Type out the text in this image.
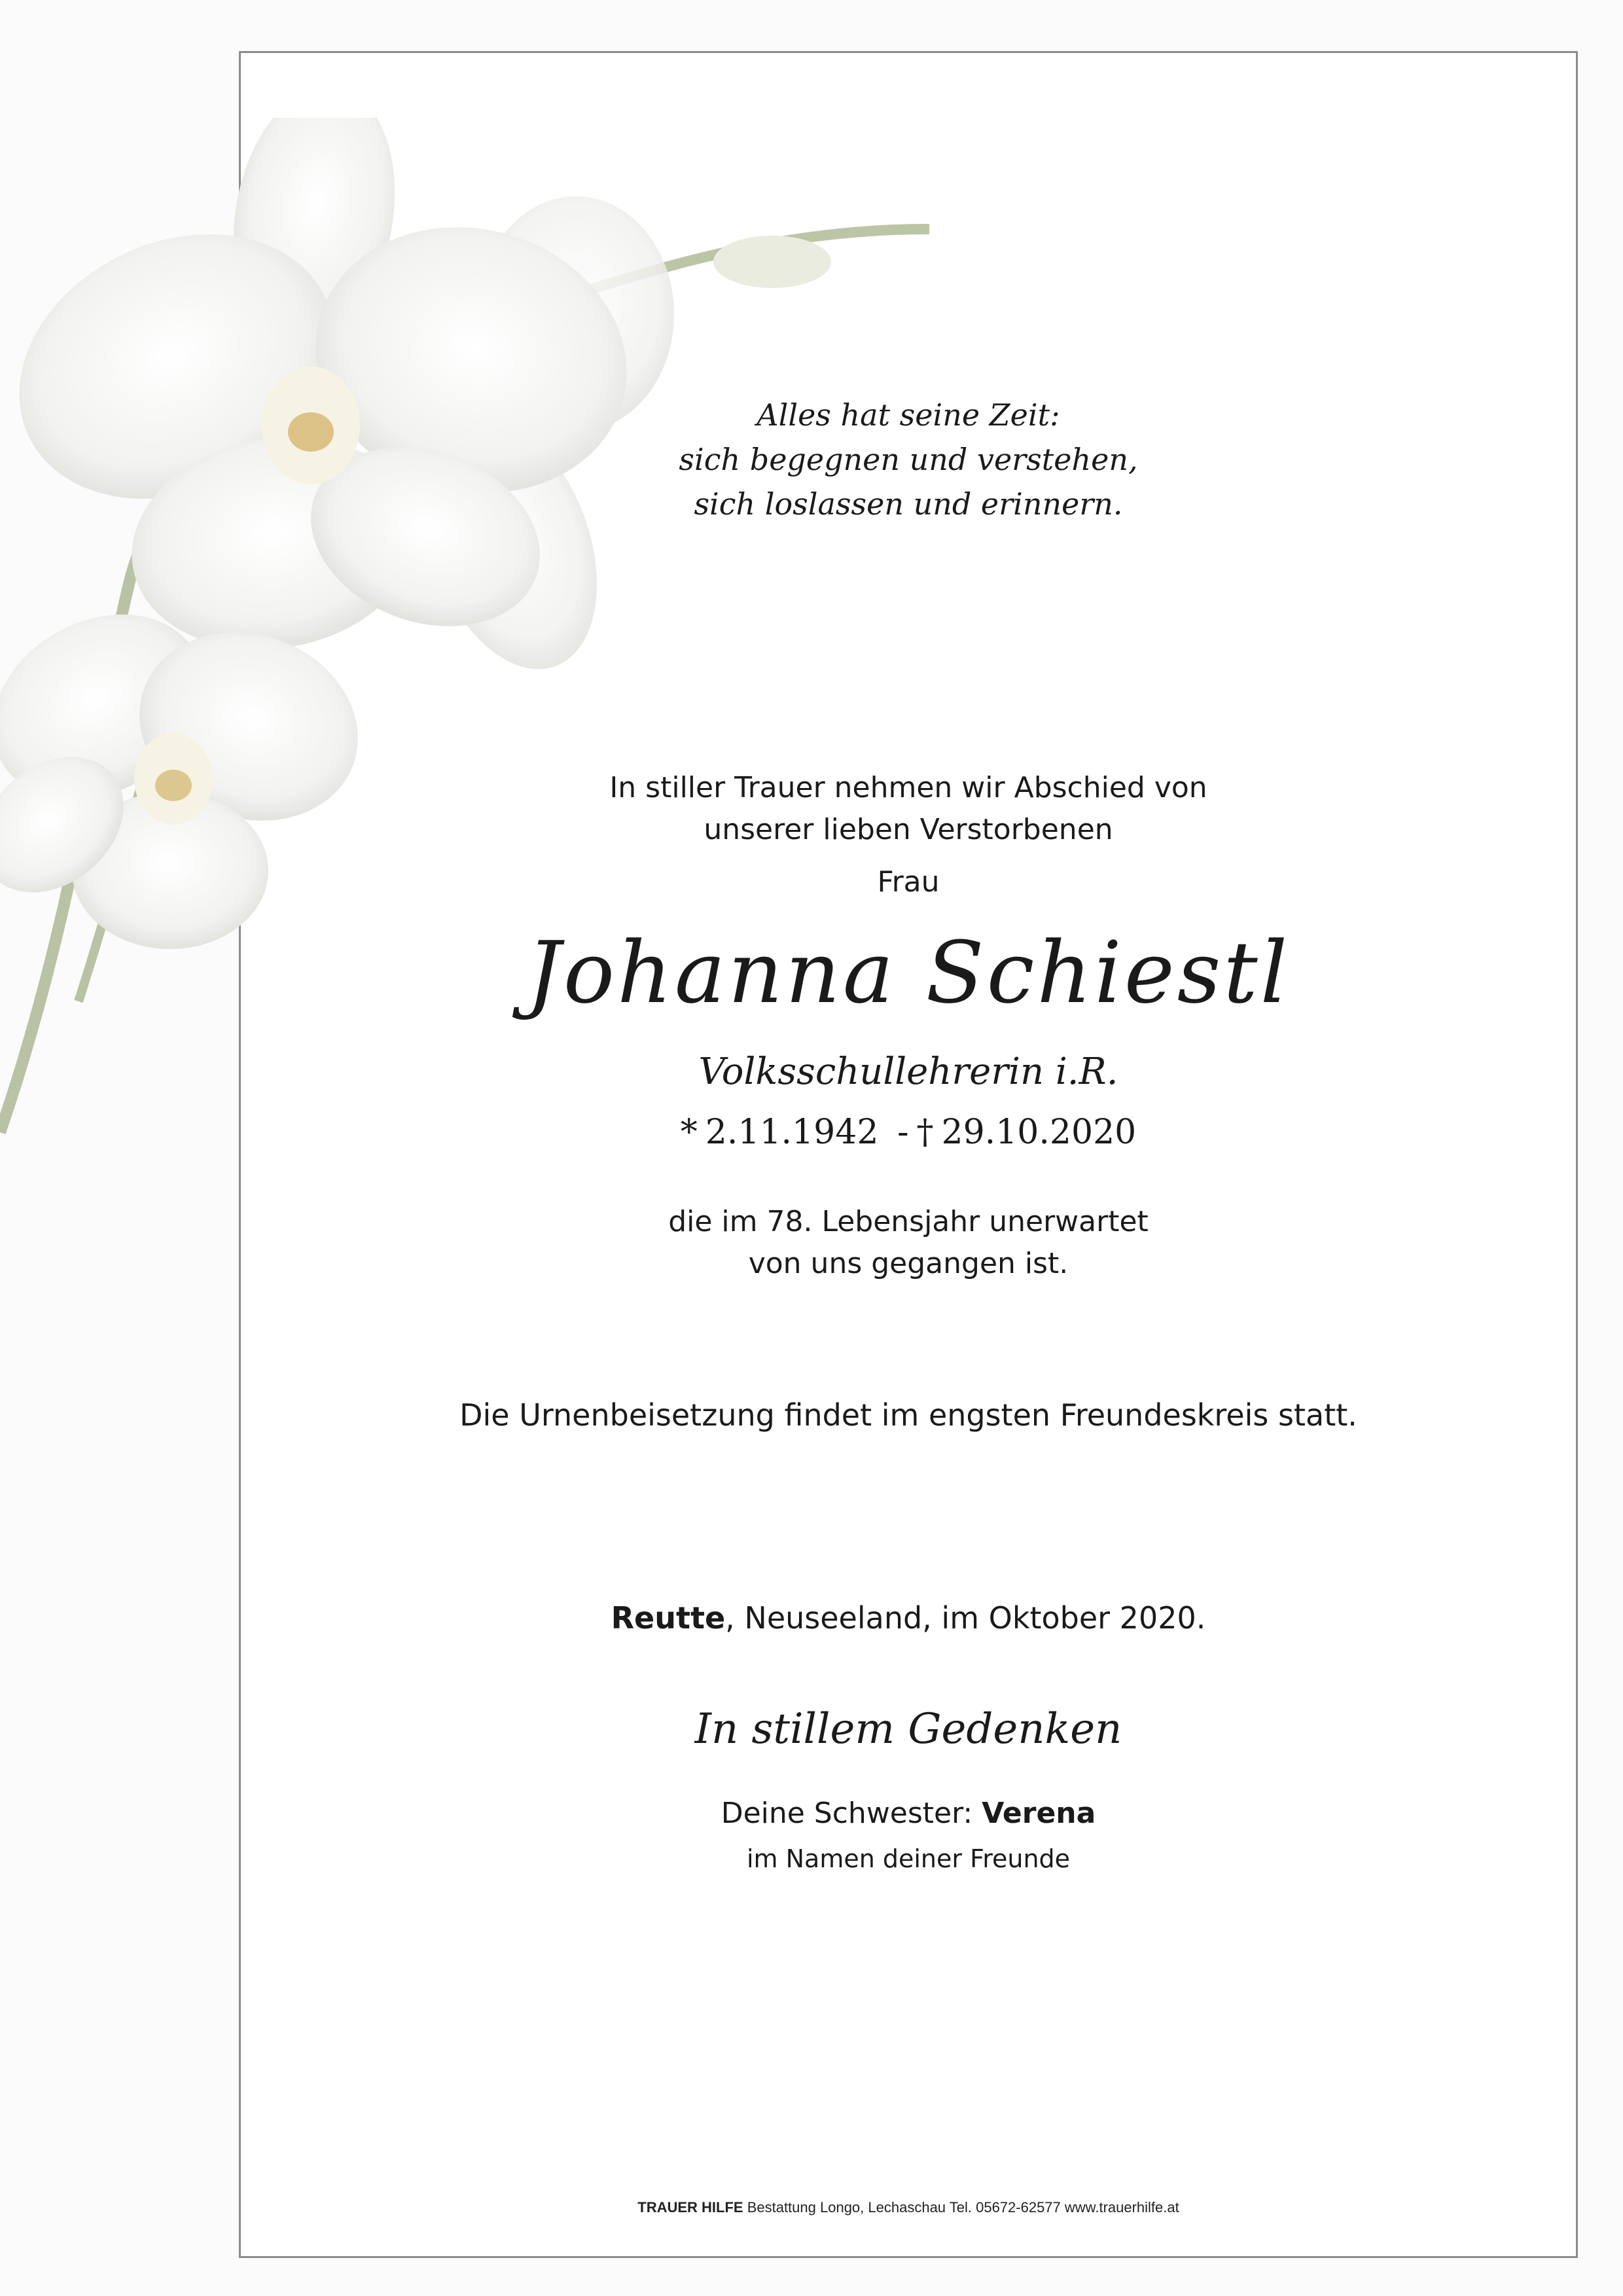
Alles hat seine Zeit:
sich begegnen und verstehen,
sich loslassen und erinnern.
In stiller Trauer nehmen wir Abschied von
unserer lieben Verstorbenen
Frau
Johanna Schiestl
Volksschullehrerin i.R.
* 2.11.1942 - † 29.10.2020
die im 78. Lebensjahr unerwartet
von uns gegangen ist.
Die Urnenbeisetzung findet im engsten Freundeskreis statt.
Reutte, Neuseeland, im Oktober 2020.
In stillem Gedenken
Deine Schwester: Verena
im Namen deiner Freunde
TRAUER HILFE Bestattung Longo, Lechaschau Tel. 05672-62577 www.trauerhilfe.at
